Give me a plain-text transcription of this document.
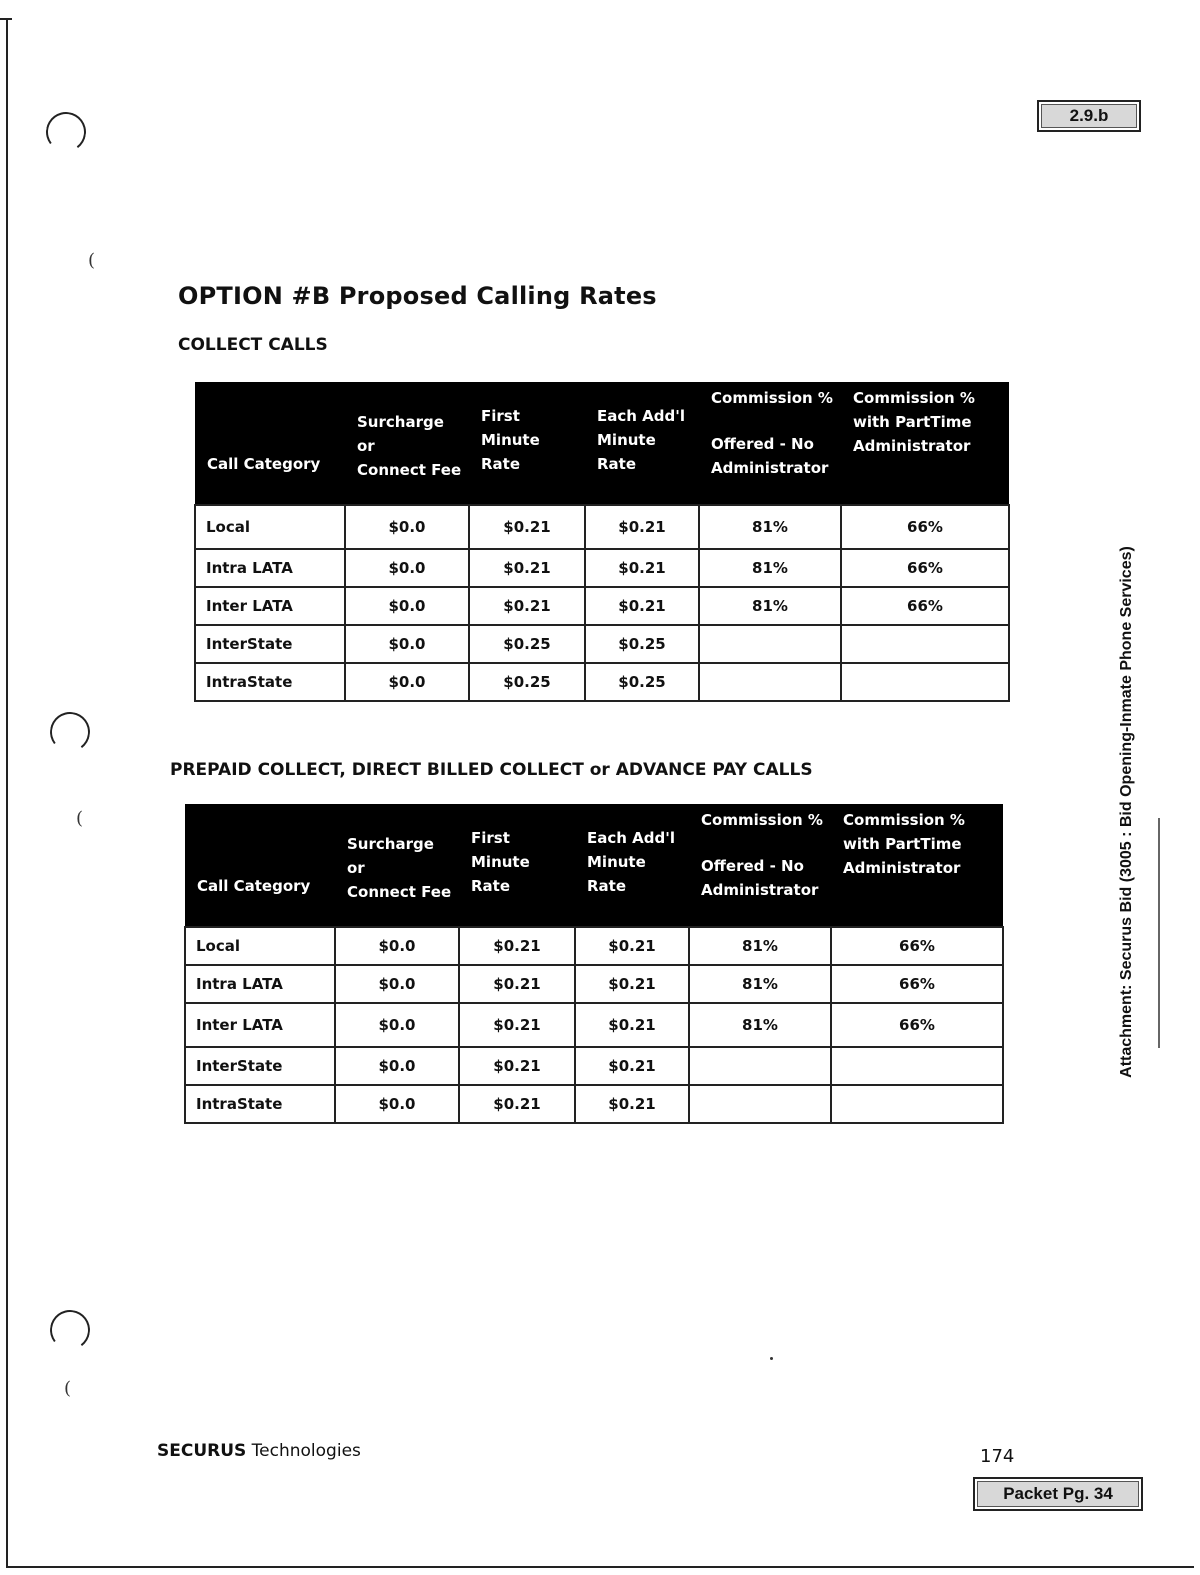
(
(
(
2.9.b
OPTION #B Proposed Calling Rates
COLLECT CALLS
Call Category	Surcharge
or
Connect Fee	First
Minute
Rate	Each Add'l
Minute
Rate	Commission %
Offered - No
Administrator	Commission %
with PartTime
Administrator

Local	$0.0	$0.21	$0.21	81%	66%
Intra LATA	$0.0	$0.21	$0.21	81%	66%
Inter LATA	$0.0	$0.21	$0.21	81%	66%
InterState	$0.0	$0.25	$0.25		
IntraState	$0.0	$0.25	$0.25		
PREPAID COLLECT, DIRECT BILLED COLLECT or ADVANCE PAY CALLS
Call Category	Surcharge
or
Connect Fee	First
Minute
Rate	Each Add'l
Minute
Rate	Commission %
Offered - No
Administrator	Commission %
with PartTime
Administrator

Local	$0.0	$0.21	$0.21	81%	66%
Intra LATA	$0.0	$0.21	$0.21	81%	66%
Inter LATA	$0.0	$0.21	$0.21	81%	66%
InterState	$0.0	$0.21	$0.21		
IntraState	$0.0	$0.21	$0.21		
Attachment: Securus Bid (3005 : Bid Opening-Inmate Phone Services)
SECURUS Technologies	174
Packet Pg. 34
